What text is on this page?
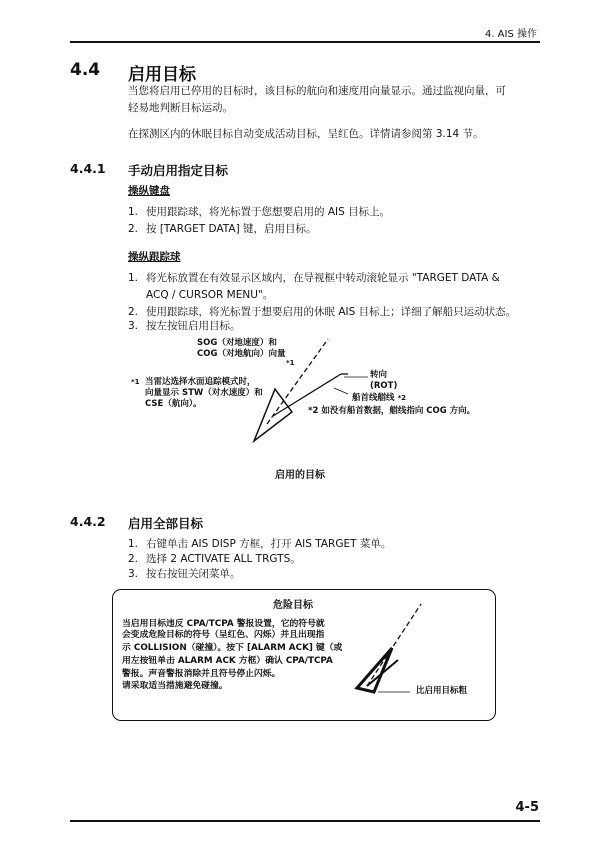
4. AIS 操作
4.4 启用目标
当您将启用已停用的目标时，该目标的航向和速度用向量显示。通过监视向量，可
轻易地判断目标运动。
在探测区内的休眠目标自动变成活动目标，呈红色。详情请参阅第 3.14 节。
4.4.1 手动启用指定目标
操纵键盘
1. 使用跟踪球，将光标置于您想要启用的 AIS 目标上。
2. 按 [TARGET DATA] 键，启用目标。
操纵跟踪球
1. 将光标放置在有效显示区域内，在导视框中转动滚轮显示 "TARGET DATA &
ACQ / CURSOR MENU"。
2. 使用跟踪球，将光标置于想要启用的休眠 AIS 目标上；详细了解船只运动状态。
3. 按左按钮启用目标。
SOG（对地速度）和
COG（对地航向）向量
*1
*1 当雷达选择水面追踪模式时，
向量显示 STW（对水速度）和
CSE（航向）。
转向
(ROT)
船首线艏线 *2
*2 如没有船首数据，艏线指向 COG 方向。
启用的目标
4.4.2 启用全部目标
1. 右键单击 AIS DISP 方框，打开 AIS TARGET 菜单。
2. 选择 2 ACTIVATE ALL TRGTS。
3. 按右按钮关闭菜单。
危险目标
当启用目标违反 CPA/TCPA 警报设置，它的符号就
会变成危险目标的符号（呈红色、闪烁）并且出现指
示 COLLISION（碰撞）。按下 [ALARM ACK] 键（或
用左按钮单击 ALARM ACK 方框）确认 CPA/TCPA
警报。声音警报消除并且符号停止闪烁。
请采取适当措施避免碰撞。	比启用目标粗
4-5
